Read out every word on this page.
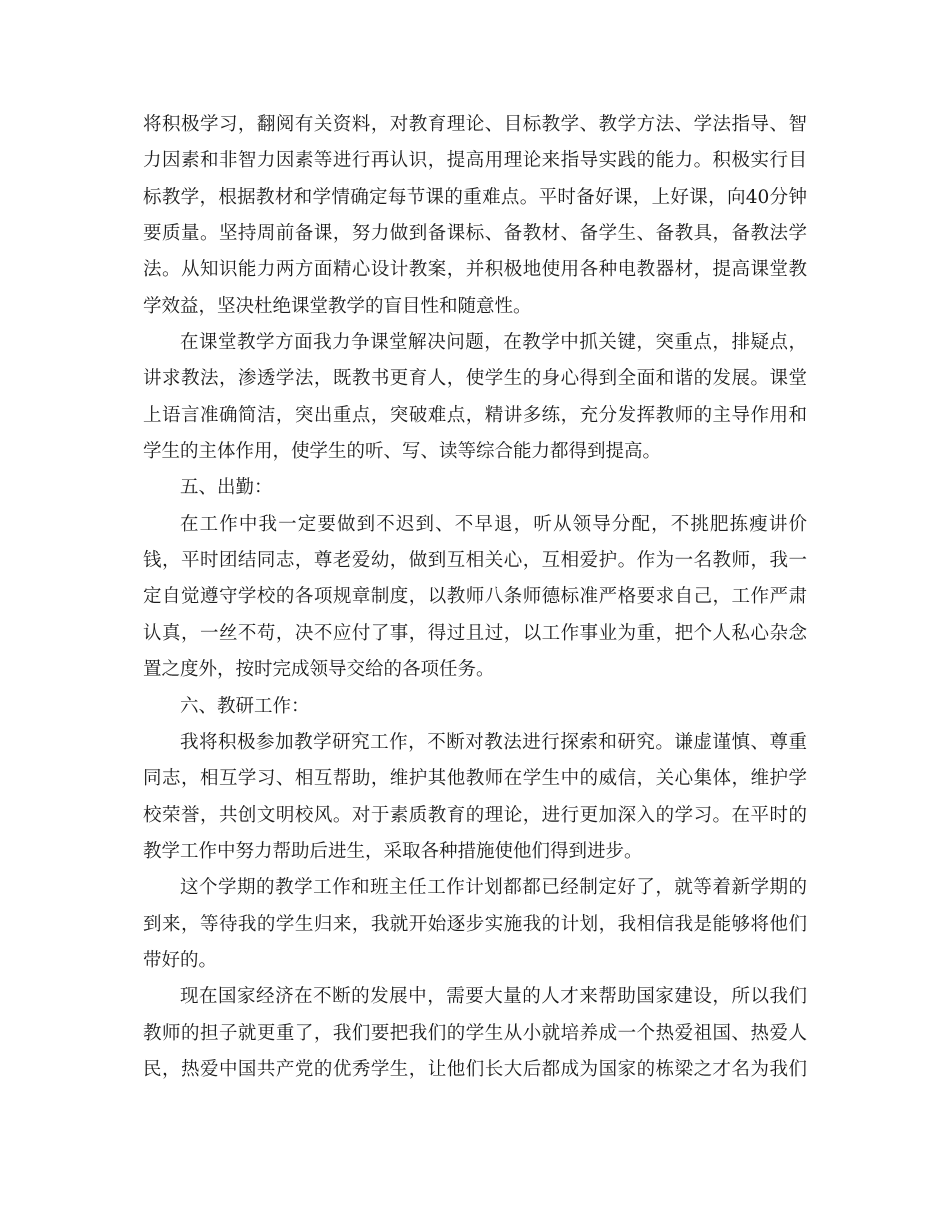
将积极学习，翻阅有关资料，对教育理论、目标教学、教学方法、学法指导、智
力因素和非智力因素等进行再认识，提高用理论来指导实践的能力。积极实行目
标教学，根据教材和学情确定每节课的重难点。平时备好课，上好课，向40分钟
要质量。坚持周前备课，努力做到备课标、备教材、备学生、备教具，备教法学
法。从知识能力两方面精心设计教案，并积极地使用各种电教器材，提高课堂教
学效益，坚决杜绝课堂教学的盲目性和随意性。
在课堂教学方面我力争课堂解决问题，在教学中抓关键，突重点，排疑点，
讲求教法，渗透学法，既教书更育人，使学生的身心得到全面和谐的发展。课堂
上语言准确简洁，突出重点，突破难点，精讲多练，充分发挥教师的主导作用和
学生的主体作用，使学生的听、写、读等综合能力都得到提高。
五、出勤：
在工作中我一定要做到不迟到、不早退，听从领导分配，不挑肥拣瘦讲价
钱，平时团结同志，尊老爱幼，做到互相关心，互相爱护。作为一名教师，我一
定自觉遵守学校的各项规章制度，以教师八条师德标准严格要求自己，工作严肃
认真，一丝不苟，决不应付了事，得过且过，以工作事业为重，把个人私心杂念
置之度外，按时完成领导交给的各项任务。
六、教研工作：
我将积极参加教学研究工作，不断对教法进行探索和研究。谦虚谨慎、尊重
同志，相互学习、相互帮助，维护其他教师在学生中的威信，关心集体，维护学
校荣誉，共创文明校风。对于素质教育的理论，进行更加深入的学习。在平时的
教学工作中努力帮助后进生，采取各种措施使他们得到进步。
这个学期的教学工作和班主任工作计划都都已经制定好了，就等着新学期的
到来，等待我的学生归来，我就开始逐步实施我的计划，我相信我是能够将他们
带好的。
现在国家经济在不断的发展中，需要大量的人才来帮助国家建设，所以我们
教师的担子就更重了，我们要把我们的学生从小就培养成一个热爱祖国、热爱人
民，热爱中国共产党的优秀学生，让他们长大后都成为国家的栋梁之才名为我们
